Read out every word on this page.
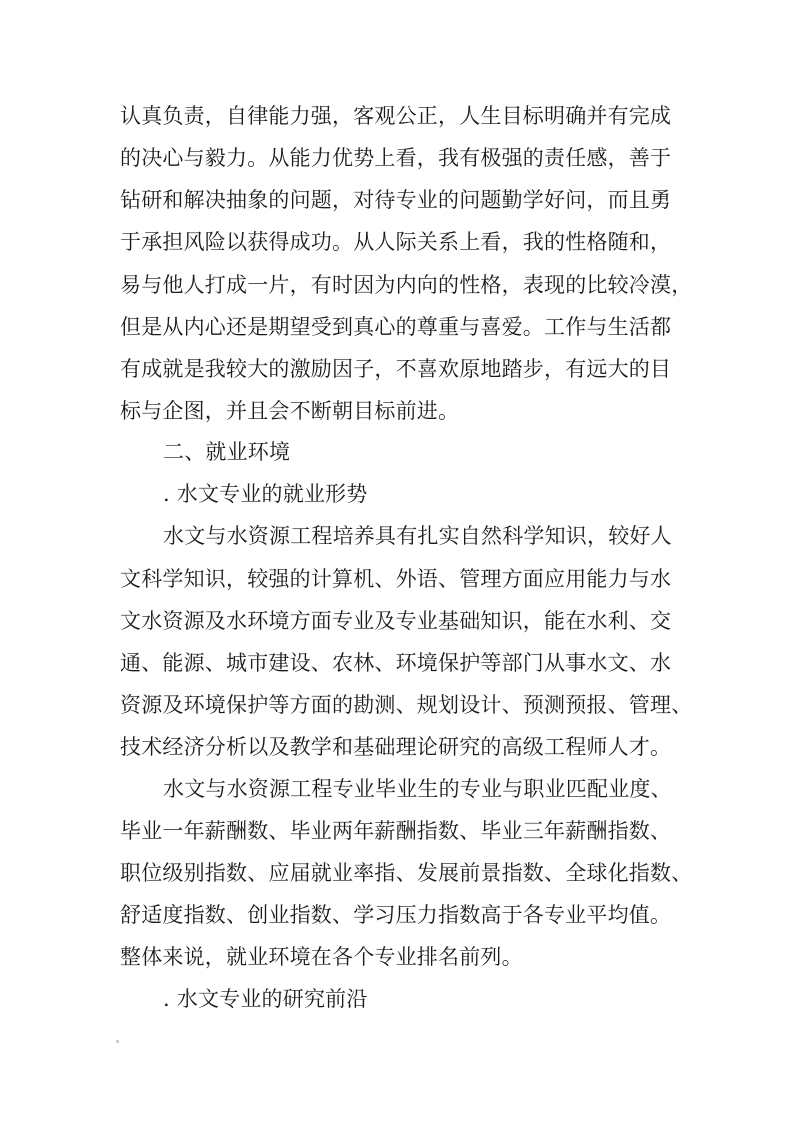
认真负责，自律能力强，客观公正，人生目标明确并有完成
的决心与毅力。从能力优势上看，我有极强的责任感，善于
钻研和解决抽象的问题，对待专业的问题勤学好问，而且勇
于承担风险以获得成功。从人际关系上看，我的性格随和，
易与他人打成一片，有时因为内向的性格，表现的比较冷漠，
但是从内心还是期望受到真心的尊重与喜爱。工作与生活都
有成就是我较大的激励因子，不喜欢原地踏步，有远大的目
标与企图，并且会不断朝目标前进。
二、就业环境
. 水文专业的就业形势
水文与水资源工程培养具有扎实自然科学知识，较好人
文科学知识，较强的计算机、外语、管理方面应用能力与水
文水资源及水环境方面专业及专业基础知识，能在水利、交
通、能源、城市建设、农林、环境保护等部门从事水文、水
资源及环境保护等方面的勘测、规划设计、预测预报、管理、
技术经济分析以及教学和基础理论研究的高级工程师人才。
水文与水资源工程专业毕业生的专业与职业匹配业度、
毕业一年薪酬数、毕业两年薪酬指数、毕业三年薪酬指数、
职位级别指数、应届就业率指、发展前景指数、全球化指数、
舒适度指数、创业指数、学习压力指数高于各专业平均值。
整体来说，就业环境在各个专业排名前列。
. 水文专业的研究前沿
